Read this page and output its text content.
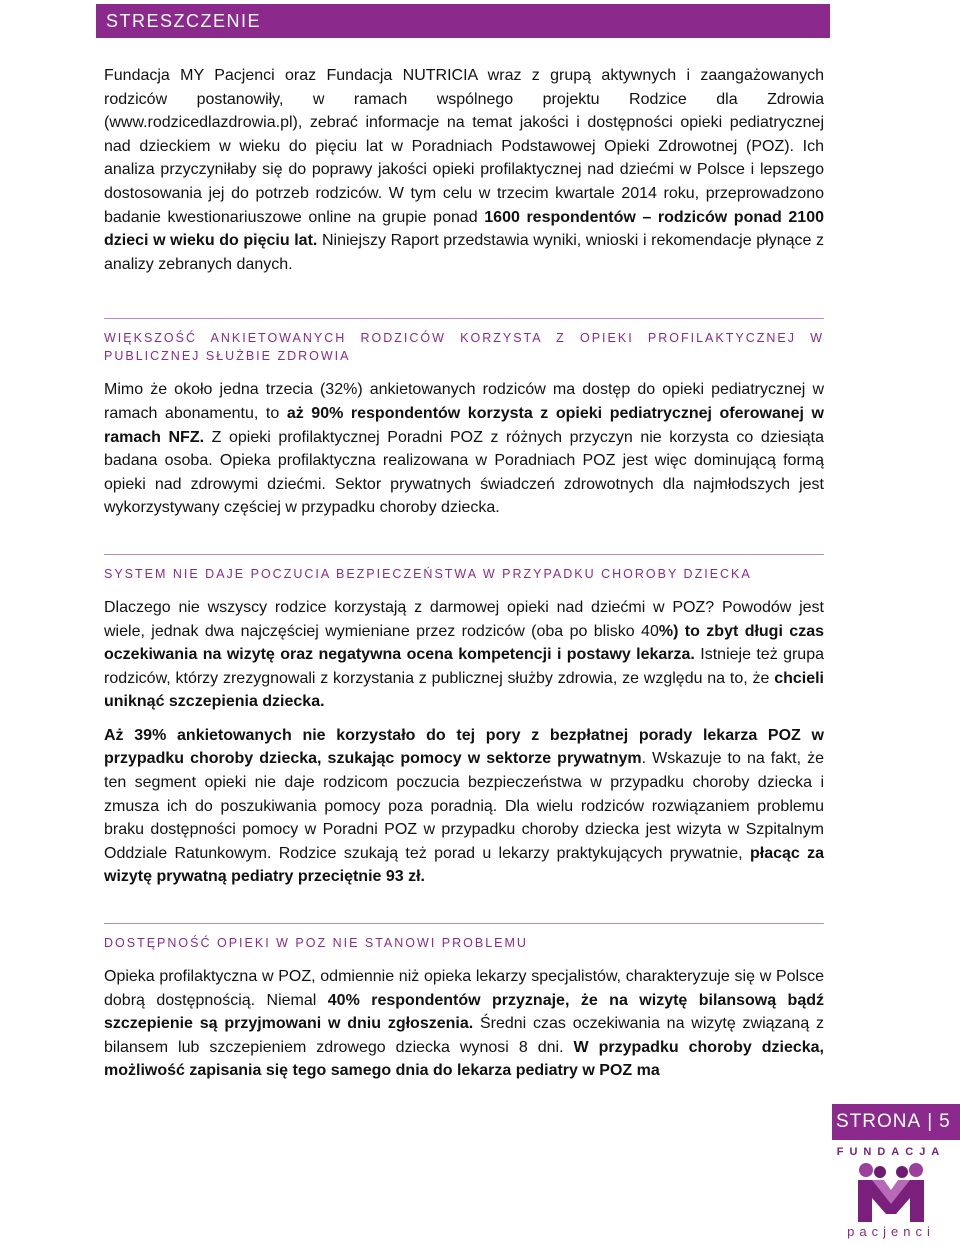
STRESZCZENIE

Fundacja MY Pacjenci oraz Fundacja NUTRICIA wraz z grupą aktywnych i zaangażowanych rodziców postanowiły, w ramach wspólnego projektu Rodzice dla Zdrowia (www.rodzicedlazdrowia.pl), zebrać informacje na temat jakości i dostępności opieki pediatrycznej nad dzieckiem w wieku do pięciu lat w Poradniach Podstawowej Opieki Zdrowotnej (POZ). Ich analiza przyczyniłaby się do poprawy jakości opieki profilaktycznej nad dziećmi w Polsce i lepszego dostosowania jej do potrzeb rodziców. W tym celu w trzecim kwartale 2014 roku, przeprowadzono badanie kwestionariuszowe online na grupie ponad 1600 respondentów – rodziców ponad 2100 dzieci w wieku do pięciu lat. Niniejszy Raport przedstawia wyniki, wnioski i rekomendacje płynące z analizy zebranych danych.

WIĘKSZOŚĆ ANKIETOWANYCH RODZICÓW KORZYSTA Z OPIEKI PROFILAKTYCZNEJ W PUBLICZNEJ SŁUŻBIE ZDROWIA

Mimo że około jedna trzecia (32%) ankietowanych rodziców ma dostęp do opieki pediatrycznej w ramach abonamentu, to aż 90% respondentów korzysta z opieki pediatrycznej oferowanej w ramach NFZ. Z opieki profilaktycznej Poradni POZ z różnych przyczyn nie korzysta co dziesiąta badana osoba. Opieka profilaktyczna realizowana w Poradniach POZ jest więc dominującą formą opieki nad zdrowymi dziećmi. Sektor prywatnych świadczeń zdrowotnych dla najmłodszych jest wykorzystywany częściej w przypadku choroby dziecka.

SYSTEM NIE DAJE POCZUCIA BEZPIECZEŃSTWA W PRZYPADKU CHOROBY DZIECKA

Dlaczego nie wszyscy rodzice korzystają z darmowej opieki nad dziećmi w POZ? Powodów jest wiele, jednak dwa najczęściej wymieniane przez rodziców (oba po blisko 40%) to zbyt długi czas oczekiwania na wizytę oraz negatywna ocena kompetencji i postawy lekarza. Istnieje też grupa rodziców, którzy zrezygnowali z korzystania z publicznej służby zdrowia, ze względu na to, że chcieli uniknąć szczepienia dziecka.

Aż 39% ankietowanych nie korzystało do tej pory z bezpłatnej porady lekarza POZ w przypadku choroby dziecka, szukając pomocy w sektorze prywatnym. Wskazuje to na fakt, że ten segment opieki nie daje rodzicom poczucia bezpieczeństwa w przypadku choroby dziecka i zmusza ich do poszukiwania pomocy poza poradnią. Dla wielu rodziców rozwiązaniem problemu braku dostępności pomocy w Poradni POZ w przypadku choroby dziecka jest wizyta w Szpitalnym Oddziale Ratunkowym. Rodzice szukają też porad u lekarzy praktykujących prywatnie, płacąc za wizytę prywatną pediatry przeciętnie 93 zł.

DOSTĘPNOŚĆ OPIEKI W POZ NIE STANOWI PROBLEMU

Opieka profilaktyczna w POZ, odmiennie niż opieka lekarzy specjalistów, charakteryzuje się w Polsce dobrą dostępnością. Niemal 40% respondentów przyznaje, że na wizytę bilansową bądź szczepienie są przyjmowani w dniu zgłoszenia. Średni czas oczekiwania na wizytę związaną z bilansem lub szczepieniem zdrowego dziecka wynosi 8 dni. W przypadku choroby dziecka, możliwość zapisania się tego samego dnia do lekarza pediatry w POZ ma

STRONA | 5
FUNDACJA
pacjenci
